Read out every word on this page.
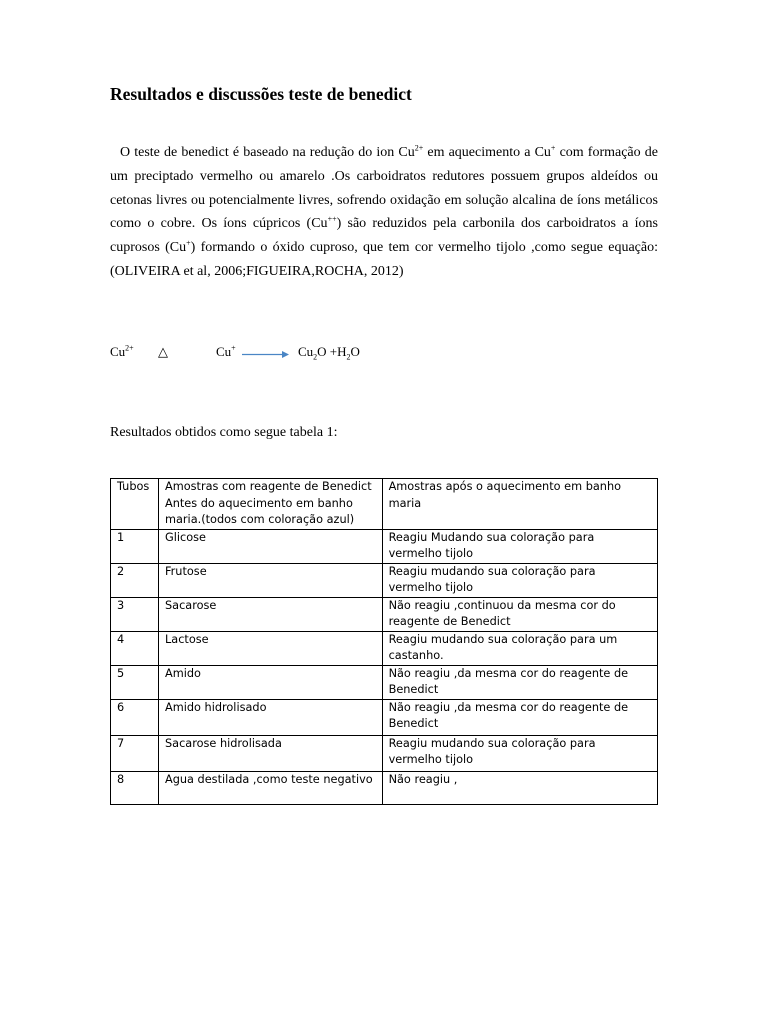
Resultados e discussões teste de benedict
O teste de benedict é baseado na redução do ion $Cu^{2+}$ em aquecimento a Cu+ com formação de
um preciptado vermelho ou amarelo .Os carboidratos redutores possuem grupos aldeídos ou
cetonas livres ou potencialmente livres, sofrendo oxidação em solução alcalina de íons metálicos
como o cobre. Os íons cúpricos (Cu++) são reduzidos pela carbonila dos carboidratos a íons
cuprosos (Cu+) formando o óxido cuproso, que tem cor vermelho tijolo ,como segue equação:
(OLIVEIRA et al, 2006;FIGUEIRA,ROCHA, 2012)
$Cu^{2+}$ △	$Cu^+ \to Cu_2O +H_2O$
Resultados obtidos como segue tabela 1:
Tubos	Amostras com reagente de Benedict Antes do aquecimento em banho maria.(todos com coloração azul)	Amostras após o aquecimento em banho maria
1	Glicose	Reagiu Mudando sua coloração para vermelho tijolo
2	Frutose	Reagiu mudando sua coloração para vermelho tijolo
3	Sacarose	Não reagiu ,continuou da mesma cor do reagente de Benedict
4	Lactose	Reagiu mudando sua coloração para um castanho.
5	Amido	Não reagiu ,da mesma cor do reagente de Benedict
6	Amido hidrolisado	Não reagiu ,da mesma cor do reagente de Benedict
7	Sacarose hidrolisada	Reagiu mudando sua coloração para vermelho tijolo
8	Agua destilada ,como teste negativo	Não reagiu ,
